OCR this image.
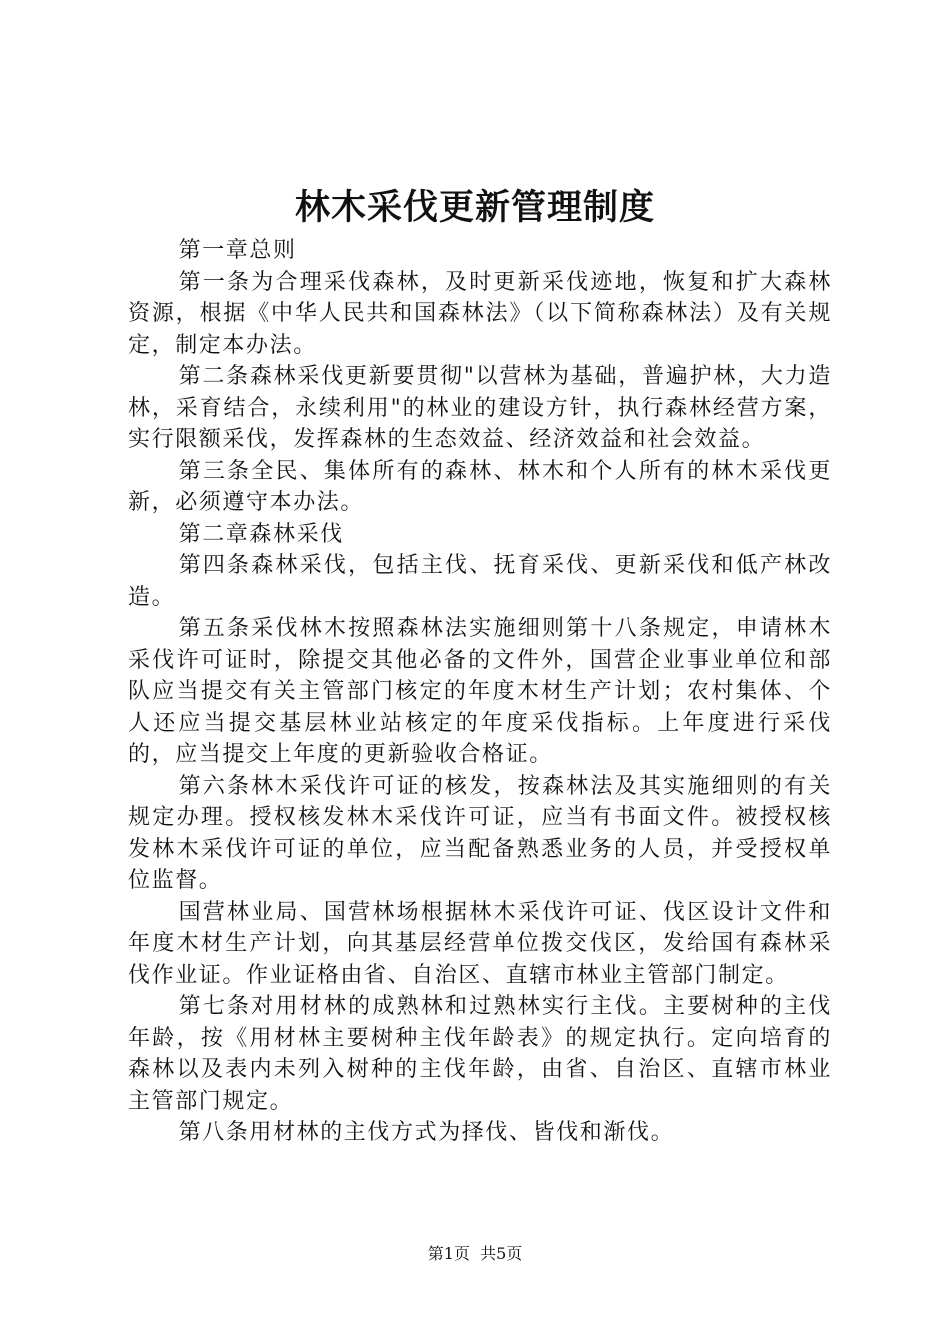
林木采伐更新管理制度

第一章总则

第一条为合理采伐森林，及时更新采伐迹地，恢复和扩大森林资源，根据《中华人民共和国森林法》（以下简称森林法）及有关规定，制定本办法。

第二条森林采伐更新要贯彻"以营林为基础，普遍护林，大力造林，采育结合，永续利用"的林业的建设方针，执行森林经营方案，实行限额采伐，发挥森林的生态效益、经济效益和社会效益。

第三条全民、集体所有的森林、林木和个人所有的林木采伐更新，必须遵守本办法。

第二章森林采伐

第四条森林采伐，包括主伐、抚育采伐、更新采伐和低产林改造。

第五条采伐林木按照森林法实施细则第十八条规定，申请林木采伐许可证时，除提交其他必备的文件外，国营企业事业单位和部队应当提交有关主管部门核定的年度木材生产计划；农村集体、个人还应当提交基层林业站核定的年度采伐指标。上年度进行采伐的，应当提交上年度的更新验收合格证。

第六条林木采伐许可证的核发，按森林法及其实施细则的有关规定办理。授权核发林木采伐许可证，应当有书面文件。被授权核发林木采伐许可证的单位，应当配备熟悉业务的人员，并受授权单位监督。

国营林业局、国营林场根据林木采伐许可证、伐区设计文件和年度木材生产计划，向其基层经营单位拨交伐区，发给国有森林采伐作业证。作业证格由省、自治区、直辖市林业主管部门制定。

第七条对用材林的成熟林和过熟林实行主伐。主要树种的主伐年龄，按《用材林主要树种主伐年龄表》的规定执行。定向培育的森林以及表内未列入树种的主伐年龄，由省、自治区、直辖市林业主管部门规定。

第八条用材林的主伐方式为择伐、皆伐和渐伐。

第1页 共5页
